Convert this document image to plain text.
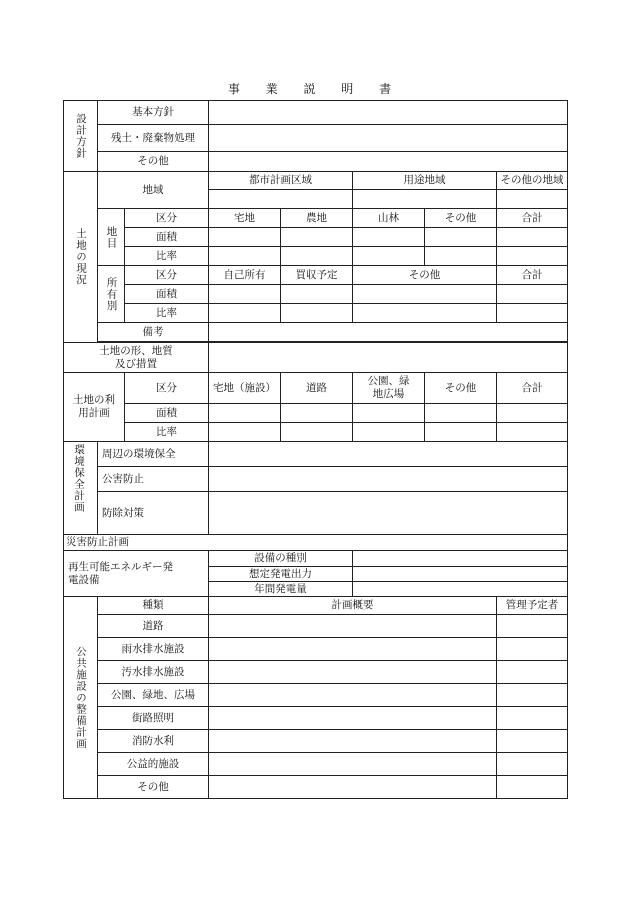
事 業 説 明 書
設計方針	基本方針						
	残土・廃棄物処理						
	その他						

土地の現況	地域		都市計画区域		用途地域		その他の地域

	地目	区分	宅地	農地	山林	その他	合計
		面積					
		比率					

	所有別	区分	自己所有	買収予定	その他		合計
		面積					
		比率					
	備考						

土地の形、地質及び措置							
土地の利用計画		区分	宅地（施設）	道路	公園、緑地広場	その他	合計
		面積					
		比率					

環境保全計画	周辺の環境保全						
	公害防止						
	防除対策						
災害防止計画							
再生可能エネルギー発電設備			設備の種別				
			想定発電出力				
			年間発電量				

公共施設の整備計画	種類		計画概要				管理予定者
	道路						
	雨水排水施設						
	汚水排水施設						
	公園、緑地、広場						
	街路照明						
	消防水利						
	公益的施設						
	その他						
